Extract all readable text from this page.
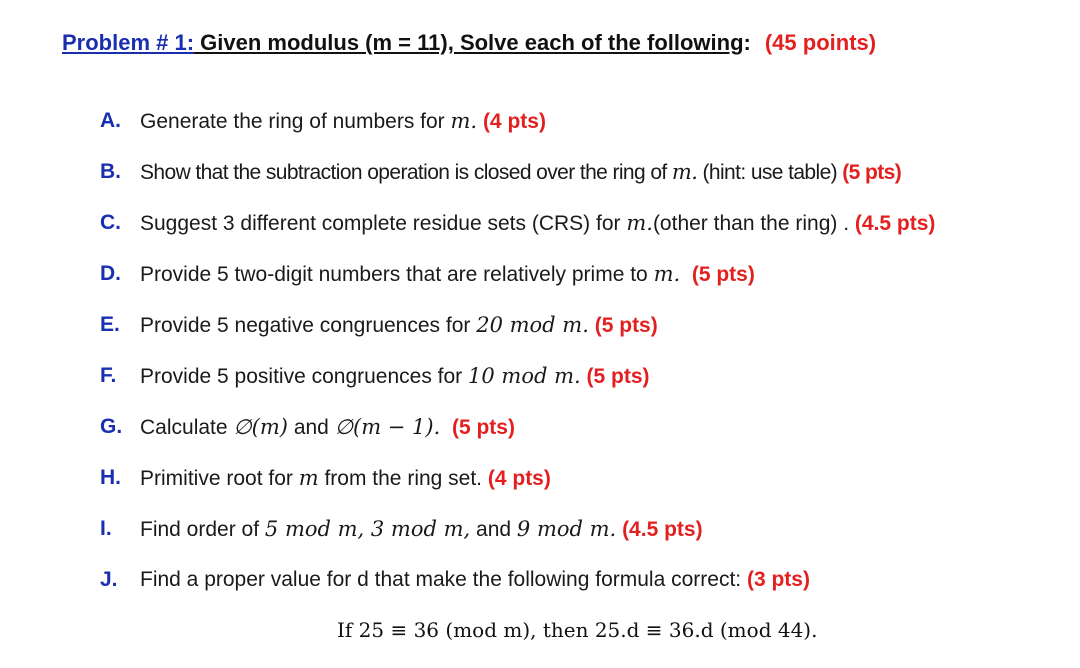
Problem # 1: Given modulus (m = 11), Solve each of the following: (45 points)
A. Generate the ring of numbers for m. (4 pts)
B. Show that the subtraction operation is closed over the ring of m. (hint: use table) (5 pts)
C. Suggest 3 different complete residue sets (CRS) for m.(other than the ring) . (4.5 pts)
D. Provide 5 two-digit numbers that are relatively prime to m. (5 pts)
E. Provide 5 negative congruences for 20 mod m. (5 pts)
F.	Provide 5 positive congruences for 10 mod m. (5 pts)
G. Calculate ∅(m) and ∅(m − 1). (5 pts)
H. Primitive root for m from the ring set. (4 pts)
I.	Find order of 5 mod m, 3 mod m, and 9 mod m. (4.5 pts)
J.	Find a proper value for d that make the following formula correct: (3 pts)
If 25 ≡ 36 (mod m), then 25.d ≡ 36.d (mod 44).
